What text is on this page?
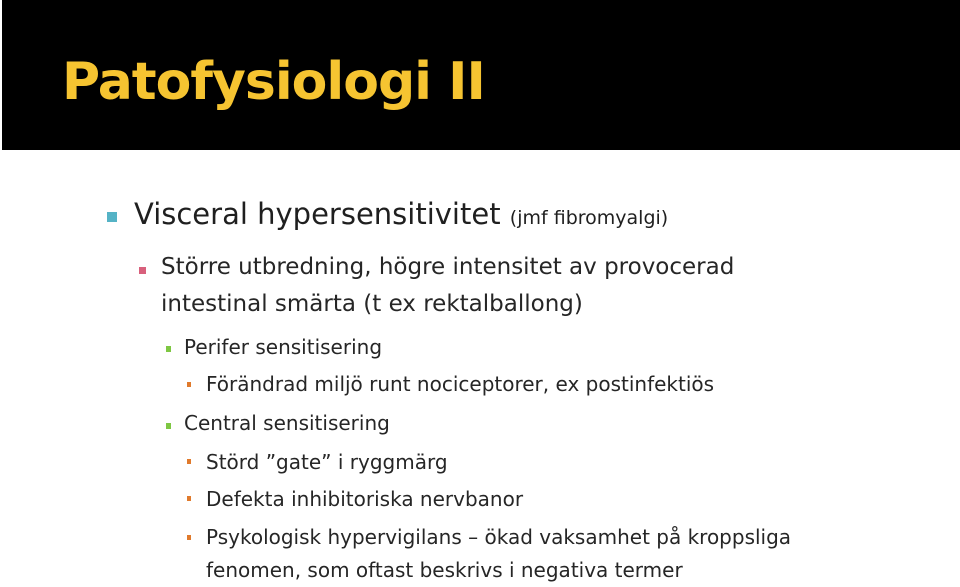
Patofysiologi II
Visceral hypersensitivitet (jmf fibromyalgi)
Större utbredning, högre intensitet av provocerad
intestinal smärta (t ex rektalballong)
Perifer sensitisering
Förändrad miljö runt nociceptorer, ex postinfektiös
Central sensitisering
Störd ”gate” i ryggmärg
Defekta inhibitoriska nervbanor
Psykologisk hypervigilans – ökad vaksamhet på kroppsliga
fenomen, som oftast beskrivs i negativa termer
